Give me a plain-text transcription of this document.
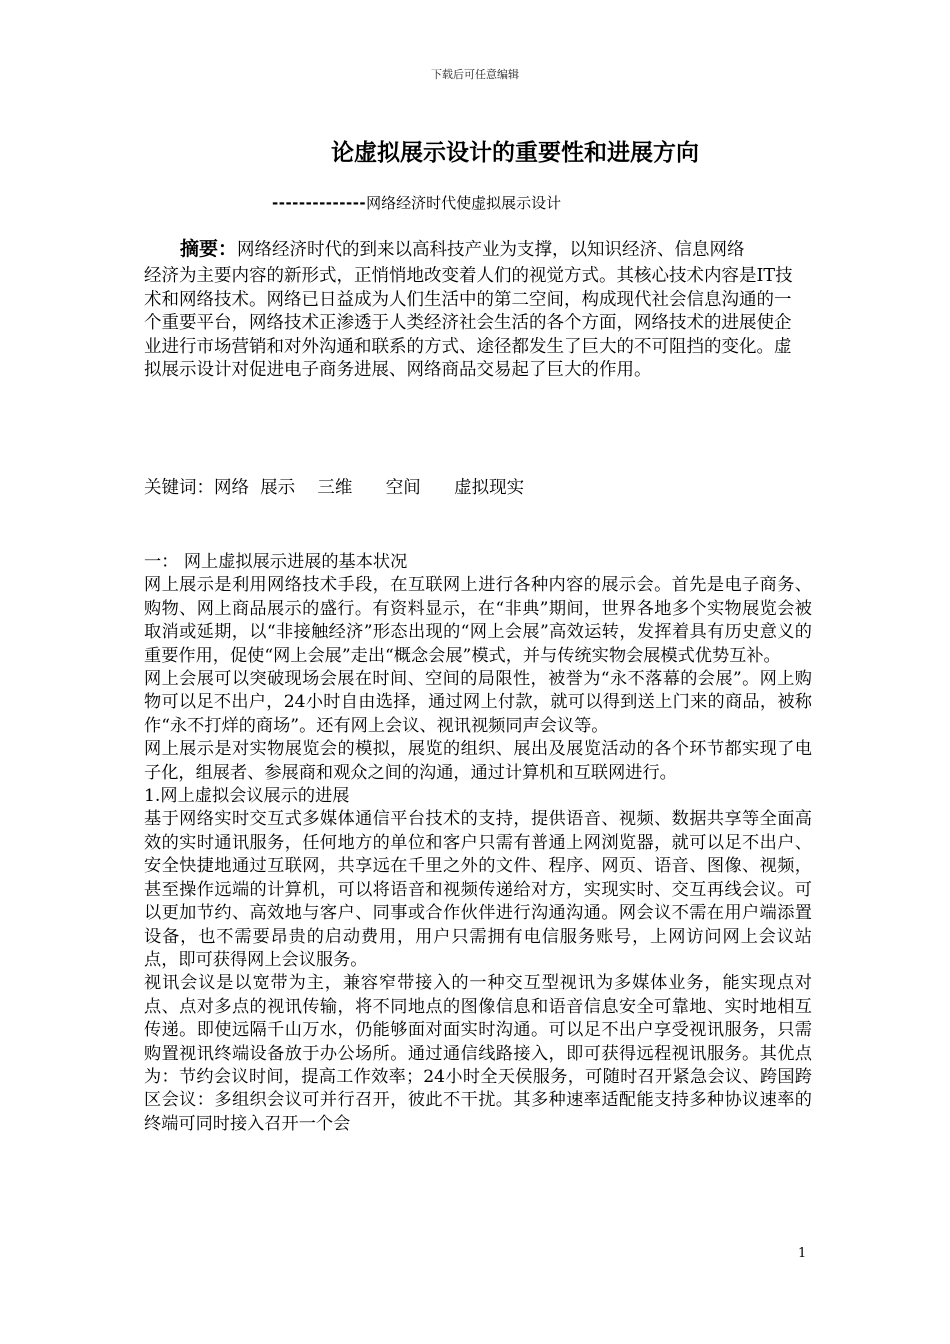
下载后可任意编辑
论虚拟展示设计的重要性和进展方向
--------------网络经济时代使虚拟展示设计
摘要：网络经济时代的到来以高科技产业为支撑，以知识经济、信息网络
经济为主要内容的新形式，正悄悄地改变着人们的视觉方式。其核心技术内容是IT技术和网络技术。网络已日益成为人们生活中的第二空间，构成现代社会信息沟通的一个重要平台，网络技术正渗透于人类经济社会生活的各个方面，网络技术的进展使企业进行市场营销和对外沟通和联系的方式、途径都发生了巨大的不可阻挡的变化。虚拟展示设计对促进电子商务进展、网络商品交易起了巨大的作用。
关键词：网络  展示    三维      空间      虚拟现实

一： 网上虚拟展示进展的基本状况

网上展示是利用网络技术手段，在互联网上进行各种内容的展示会。首先是电子商务、购物、网上商品展示的盛行。有资料显示，在“非典”期间，世界各地多个实物展览会被取消或延期，以“非接触经济”形态出现的“网上会展”高效运转，发挥着具有历史意义的重要作用，促使“网上会展”走出“概念会展”模式，并与传统实物会展模式优势互补。

网上会展可以突破现场会展在时间、空间的局限性，被誉为“永不落幕的会展”。网上购物可以足不出户，24小时自由选择，通过网上付款，就可以得到送上门来的商品，被称作“永不打烊的商场”。还有网上会议、视讯视频同声会议等。

网上展示是对实物展览会的模拟，展览的组织、展出及展览活动的各个环节都实现了电子化，组展者、参展商和观众之间的沟通，通过计算机和互联网进行。

1.网上虚拟会议展示的进展

基于网络实时交互式多媒体通信平台技术的支持，提供语音、视频、数据共享等全面高效的实时通讯服务，任何地方的单位和客户只需有普通上网浏览器，就可以足不出户、安全快捷地通过互联网，共享远在千里之外的文件、程序、网页、语音、图像、视频，甚至操作远端的计算机，可以将语音和视频传递给对方，实现实时、交互再线会议。可以更加节约、高效地与客户、同事或合作伙伴进行沟通沟通。网会议不需在用户端添置设备，也不需要昂贵的启动费用，用户只需拥有电信服务账号，上网访问网上会议站点，即可获得网上会议服务。

视讯会议是以宽带为主，兼容窄带接入的一种交互型视讯为多媒体业务，能实现点对点、点对多点的视讯传输，将不同地点的图像信息和语音信息安全可靠地、实时地相互传递。即使远隔千山万水，仍能够面对面实时沟通。可以足不出户享受视讯服务，只需购置视讯终端设备放于办公场所。通过通信线路接入，即可获得远程视讯服务。其优点为：节约会议时间，提高工作效率；24小时全天侯服务，可随时召开紧急会议、跨国跨区会议：多组织会议可并行召开，彼此不干扰。其多种速率适配能支持多种协议速率的终端可同时接入召开一个会

1
